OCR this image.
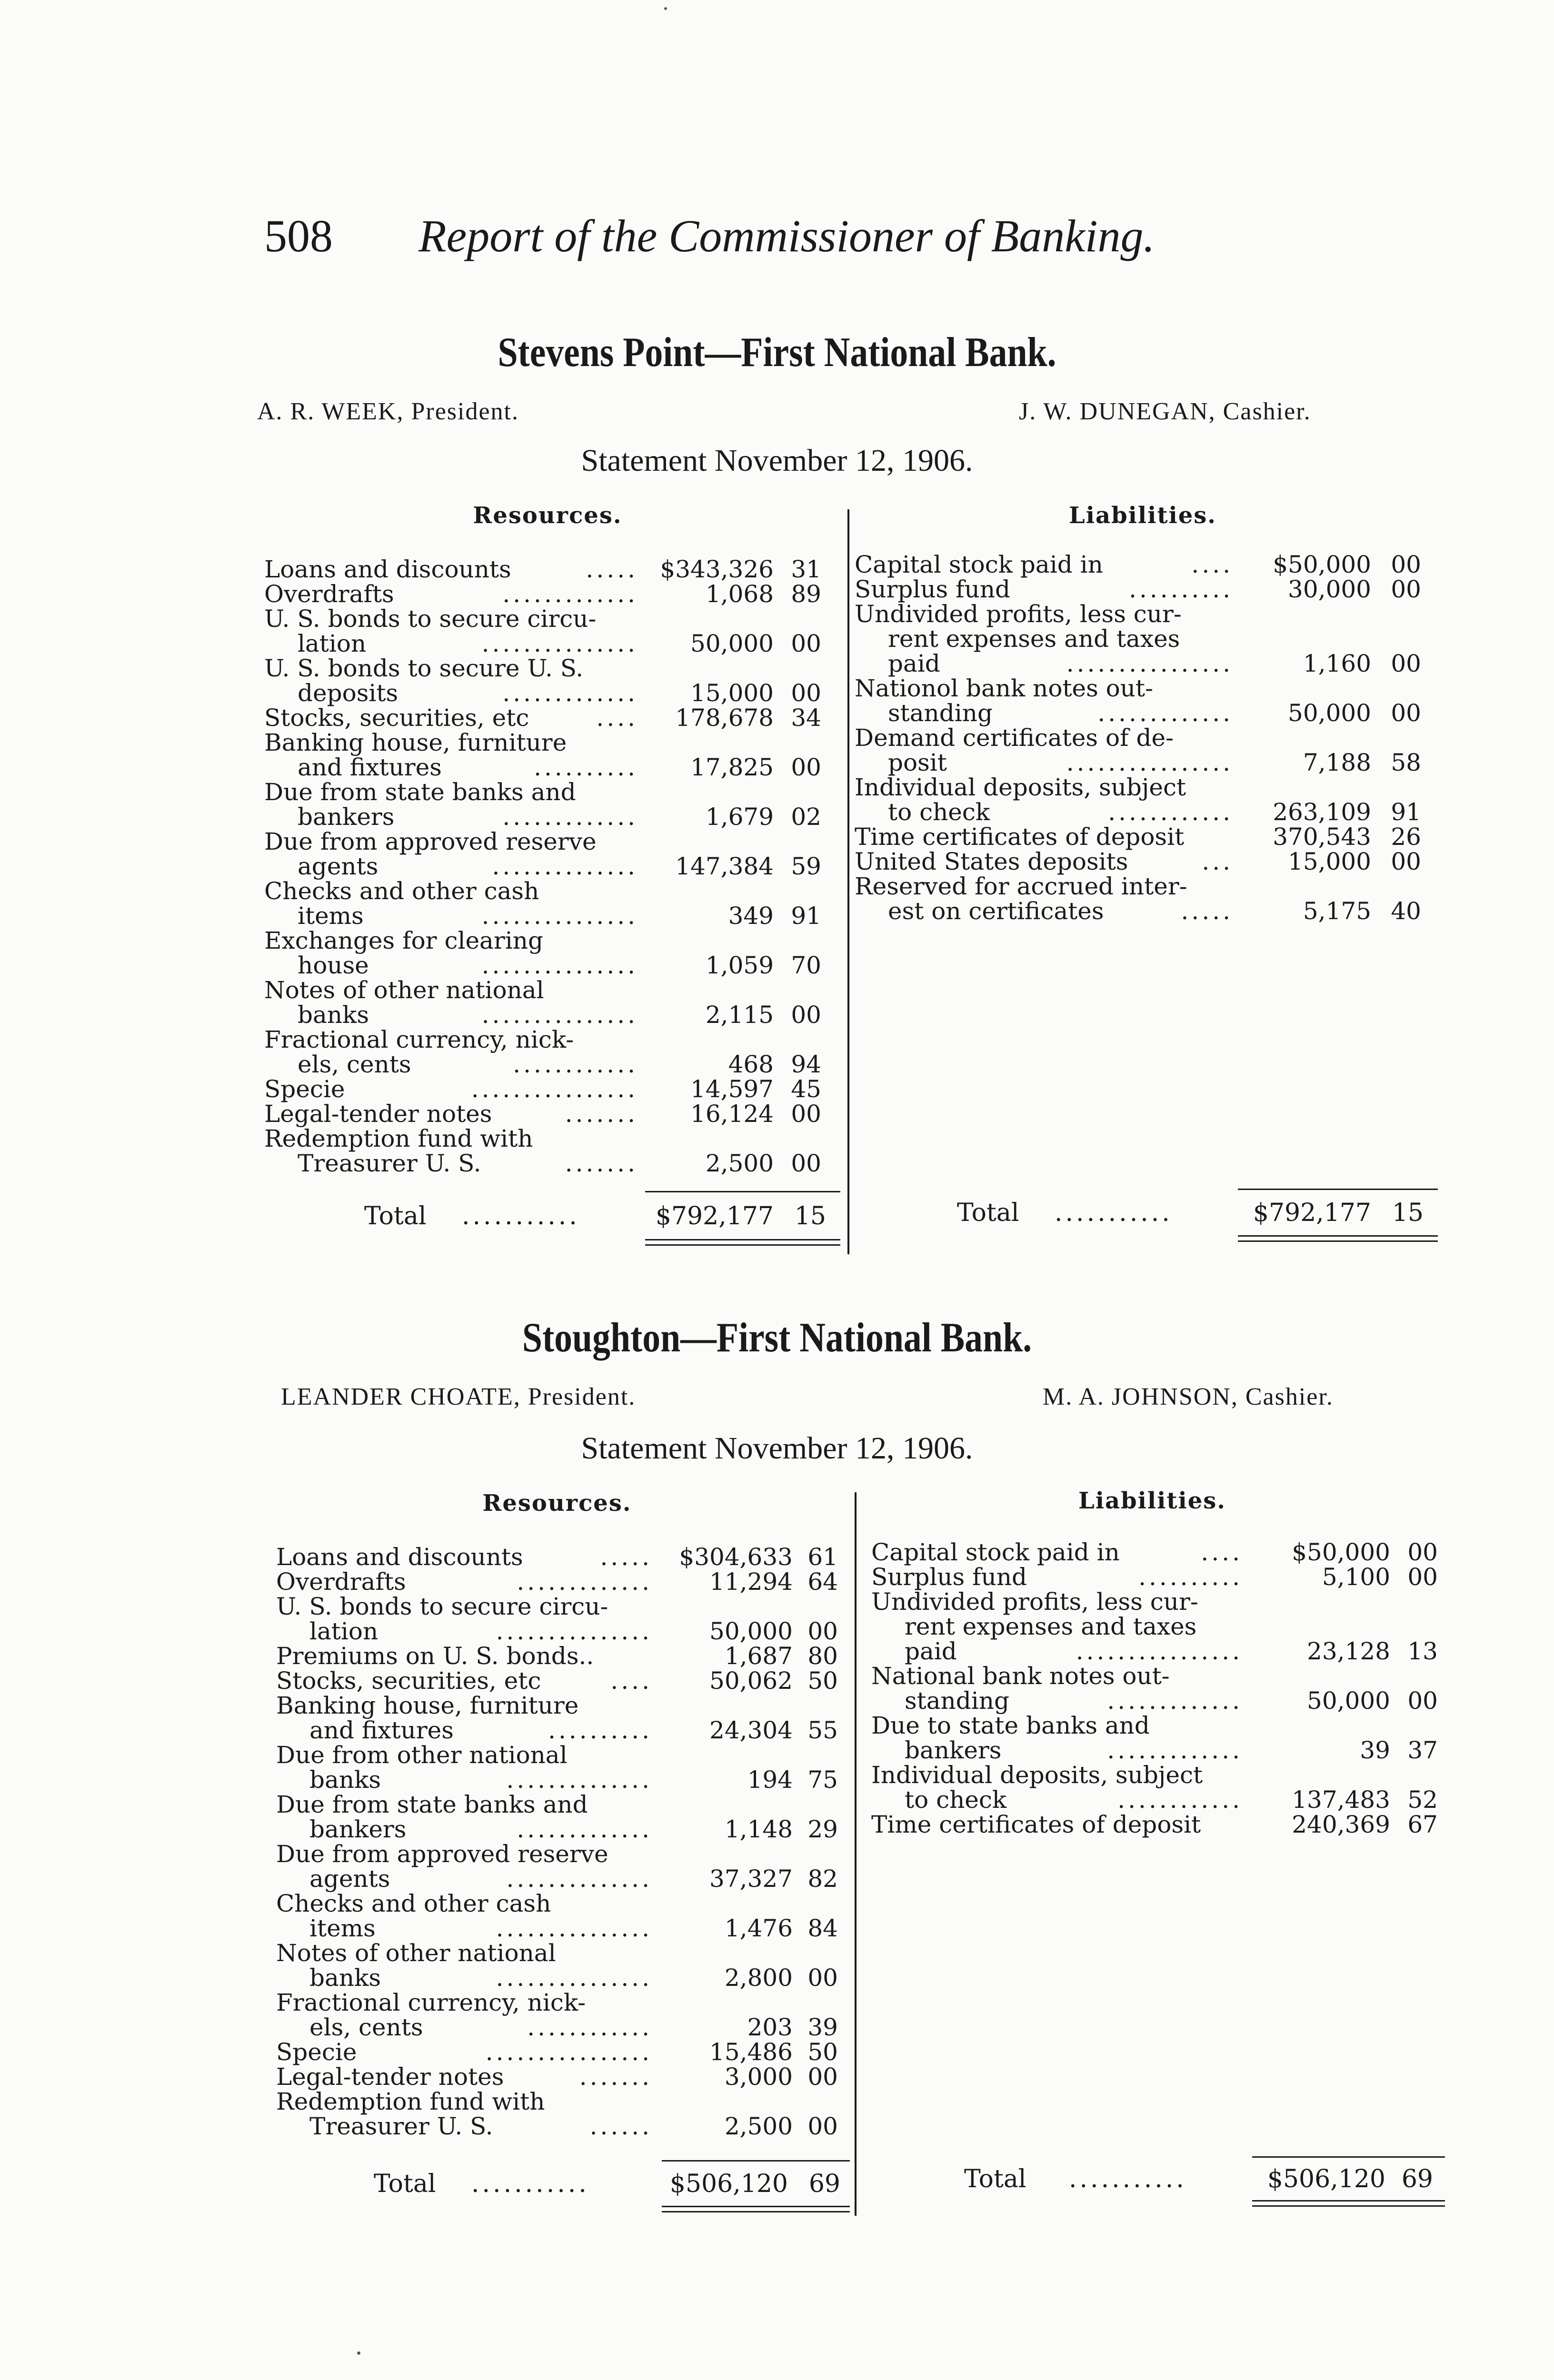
508 Report of the Commissioner of Banking.
Stevens Point—First National Bank.
A. R. WEEK, President.	J. W. DUNEGAN, Cashier.
Statement November 12, 1906.
Resources.	Liabilities.
Loans and discounts	..... $343,326 31
Overdrafts	.............	1,068 89
U. S. bonds to secure circu-
lation	...............	50,000 00
U. S. bonds to secure U. S.
deposits	.............	15,000 00
Stocks, securities, etc	....	178,678 34
Banking house, furniture
and fixtures	..........	17,825 00
Due from state banks and
bankers	.............	1,679 02
Due from approved reserve
agents	..............	147,384 59
Checks and other cash
items	...............	349 91
Exchanges for clearing
house	...............	1,059 70
Notes of other national
banks	...............	2,115 00
Fractional currency, nick-
els, cents	............	468 94
Specie	................	14,597 45
Legal-tender notes	.......	16,124 00
Redemption fund with
Treasurer U. S.	.......	2,500 00
Capital stock paid in	....	$50,000 00
Surplus fund	..........	30,000 00
Undivided profits, less cur-
rent expenses and taxes
paid	................	1,160 00
Nationol bank notes out-
standing	.............	50,000 00
Demand certificates of de-
posit	................	7,188 58
Individual deposits, subject
to check	............	263,109 91
Time certificates of deposit	370,543 26
United States deposits	...	15,000 00
Reserved for accrued inter-
est on certificates	.....	5,175 40
Total ...........	$792,177 15	Total ...........	$792,177 15
Stoughton—First National Bank.
LEANDER CHOATE, President.	M. A. JOHNSON, Cashier.
Statement November 12, 1906.
Resources.	Liabilities.
Loans and discounts	.....	$304,633 61
Overdrafts	.............	11,294 64
U. S. bonds to secure circu-
lation	...............	50,000 00
Premiums on U. S. bonds..	1,687 80
Stocks, securities, etc	....	50,062 50
Banking house, furniture
and fixtures	..........	24,304 55
Due from other national
banks	..............	194 75
Due from state banks and
bankers	.............	1,148 29
Due from approved reserve
agents	..............	37,327 82
Checks and other cash
items	...............	1,476 84
Notes of other national
banks	...............	2,800 00
Fractional currency, nick-
els, cents	............	203 39
Specie	................	15,486 50
Legal-tender notes	.......	3,000 00
Redemption fund with
Treasurer U. S.	......	2,500 00
Capital stock paid in	....	$50,000 00
Surplus fund	..........	5,100 00
Undivided profits, less cur-
rent expenses and taxes
paid	................	23,128 13
National bank notes out-
standing	.............	50,000 00
Due to state banks and
bankers	.............	39 37
Individual deposits, subject
to check	............	137,483 52
Time certificates of deposit	240,369 67
Total ...........	$506,120 69	Total ...........	$506,120 69
